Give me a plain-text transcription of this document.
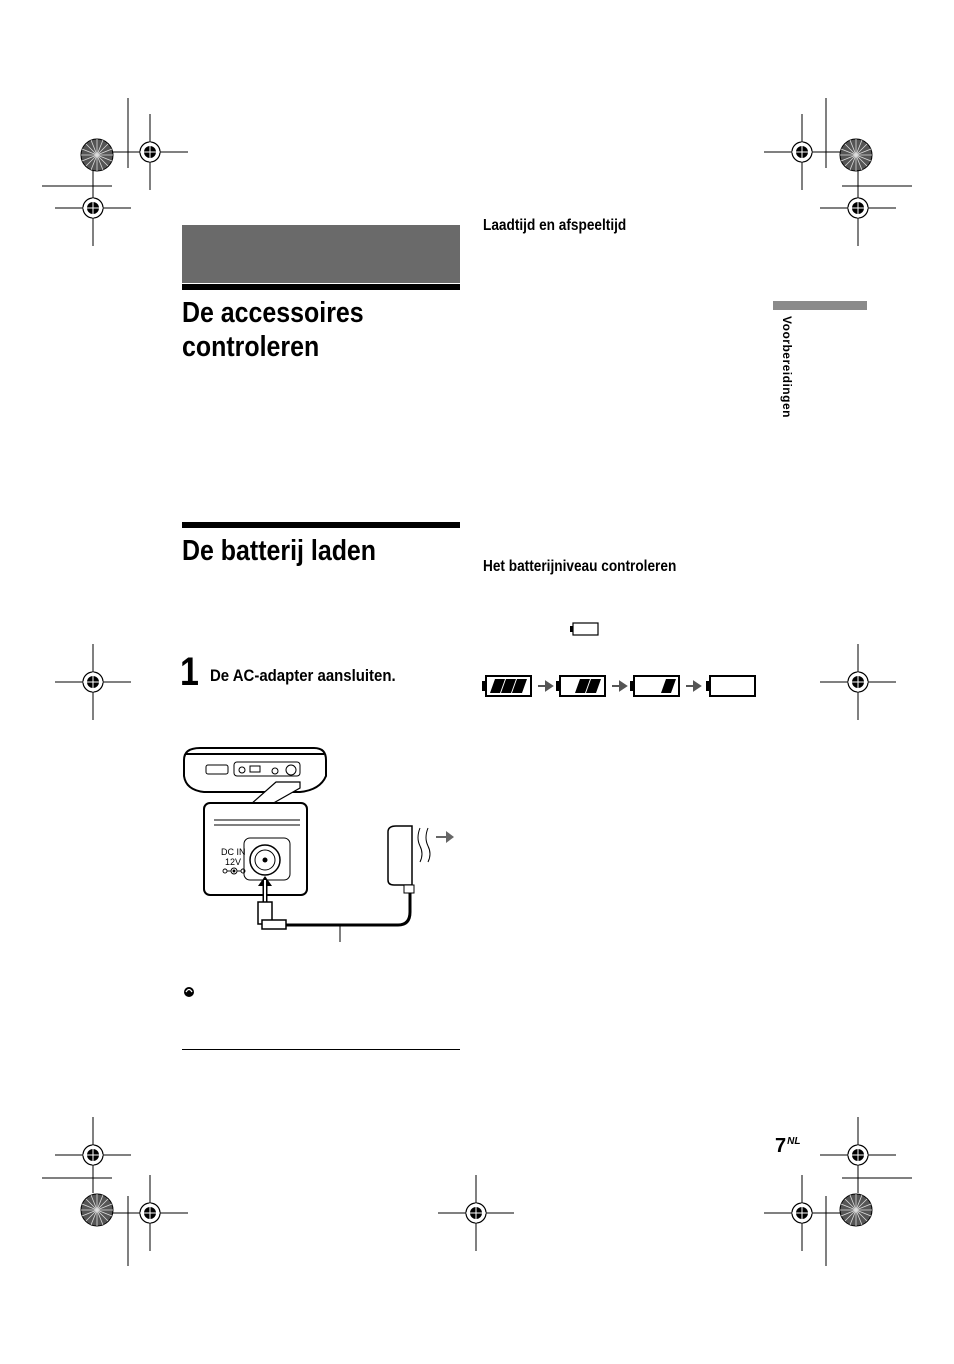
De accessoires controleren
De batterij laden
1 De AC-adapter aansluiten.
Laadtijd en afspeeltijd
Het batterijniveau controleren
Voorbereidingen
$7^{NL}$
DC IN
12V
